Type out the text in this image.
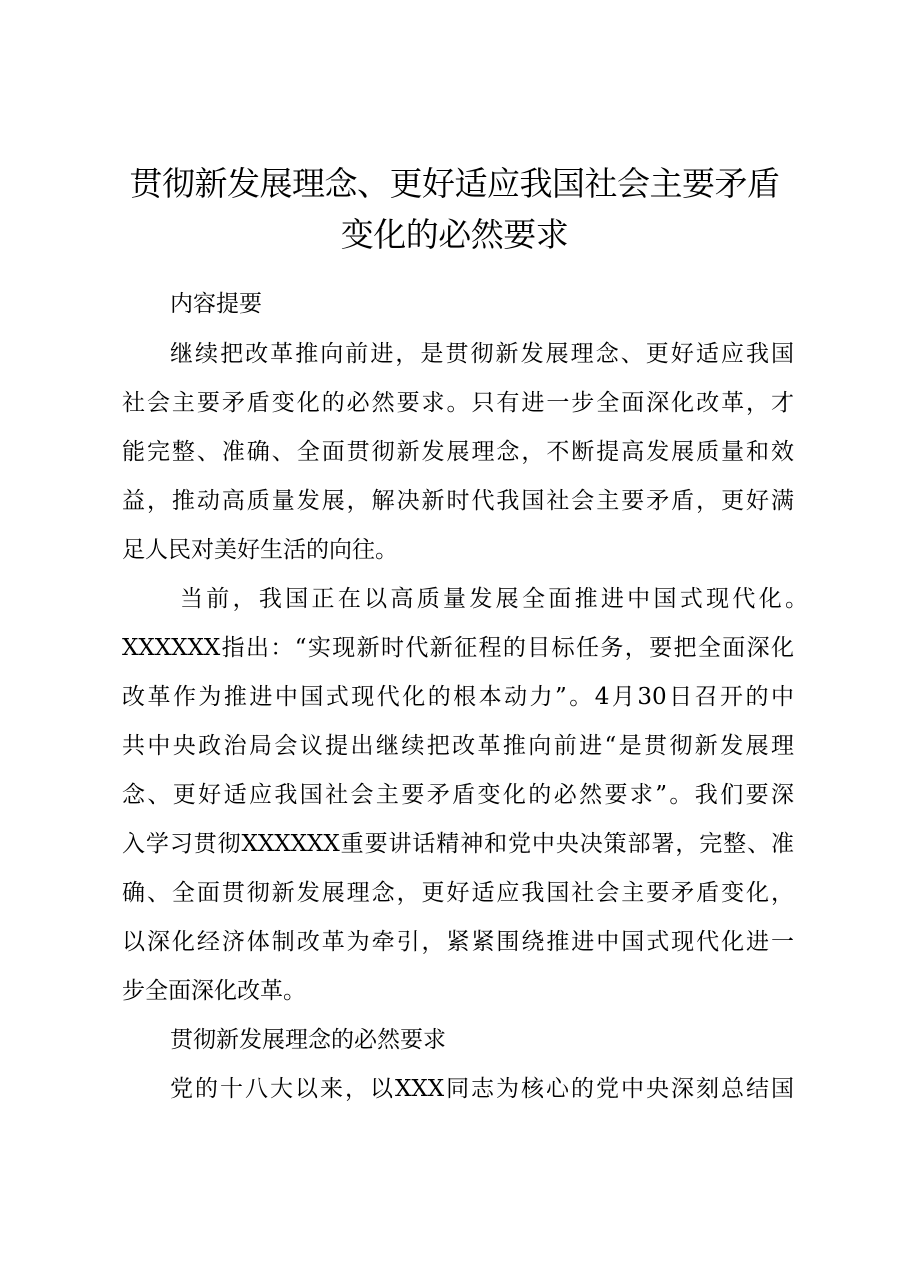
贯彻新发展理念、更好适应我国社会主要矛盾
变化的必然要求

内容提要

继续把改革推向前进，是贯彻新发展理念、更好适应我国

社会主要矛盾变化的必然要求。只有进一步全面深化改革，才

能完整、准确、全面贯彻新发展理念，不断提高发展质量和效

益，推动高质量发展，解决新时代我国社会主要矛盾，更好满

足人民对美好生活的向往。

当前，我国正在以高质量发展全面推进中国式现代化。

XXXXXX指出：“实现新时代新征程的目标任务，要把全面深化

改革作为推进中国式现代化的根本动力”。4月30日召开的中

共中央政治局会议提出继续把改革推向前进“是贯彻新发展理

念、更好适应我国社会主要矛盾变化的必然要求”。我们要深

入学习贯彻XXXXXX重要讲话精神和党中央决策部署，完整、准

确、全面贯彻新发展理念，更好适应我国社会主要矛盾变化，

以深化经济体制改革为牵引，紧紧围绕推进中国式现代化进一

步全面深化改革。

贯彻新发展理念的必然要求

党的十八大以来，以XXX同志为核心的党中央深刻总结国
